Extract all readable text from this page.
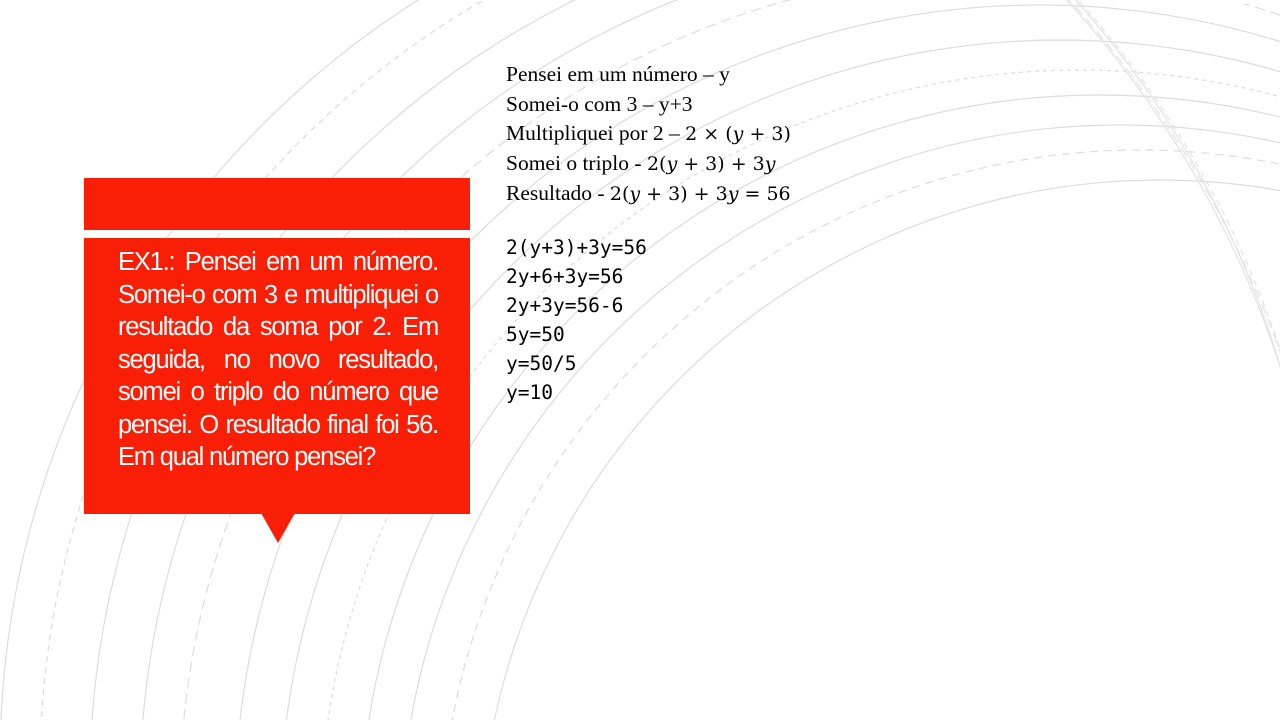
EX1.: Pensei em um número. Somei-o com 3 e multipliquei o resultado da soma por 2. Em seguida, no novo resultado, somei o triplo do número que pensei. O resultado final foi 56. Em qual número pensei?

Pensei em um número – y
Somei-o com 3 – y+3
Multipliquei por 2 – 2 × (𝑦 + 3)
Somei o triplo - 2(𝑦 + 3) + 3𝑦
Resultado - 2(𝑦 + 3) + 3𝑦 = 56
2(y+3)+3y=56
2y+6+3y=56
2y+3y=56-6
5y=50
y=50/5
y=10
